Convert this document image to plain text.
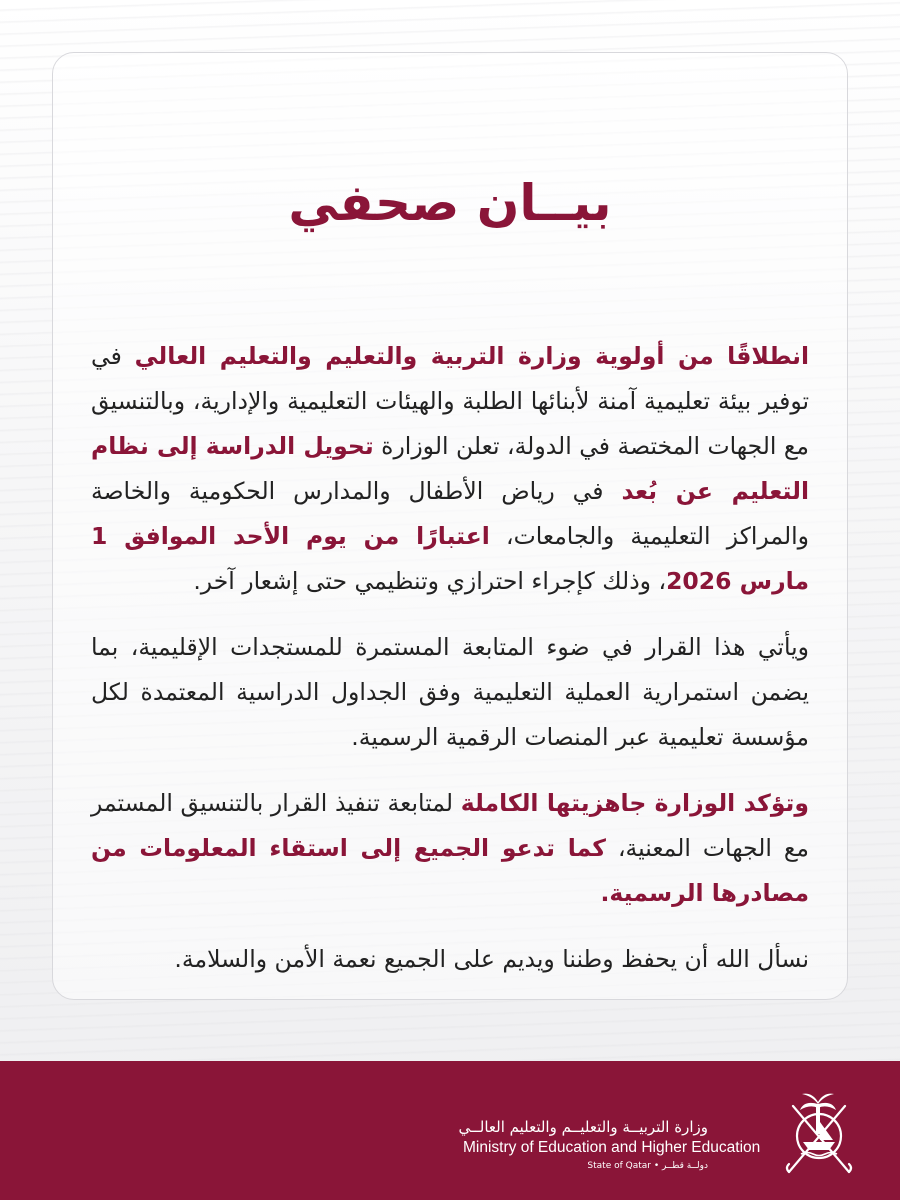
بيــان صحفي

انطلاقًا من أولوية وزارة التربية والتعليم والتعليم العالي في توفير بيئة تعليمية آمنة لأبنائها الطلبة والهيئات التعليمية والإدارية، وبالتنسيق مع الجهات المختصة في الدولة، تعلن الوزارة تحويل الدراسة إلى نظام التعليم عن بُعد في رياض الأطفال والمدارس الحكومية والخاصة والمراكز التعليمية والجامعات، اعتبارًا من يوم الأحد الموافق 1 مارس 2026، وذلك كإجراء احترازي وتنظيمي حتى إشعار آخر.

ويأتي هذا القرار في ضوء المتابعة المستمرة للمستجدات الإقليمية، بما يضمن استمرارية العملية التعليمية وفق الجداول الدراسية المعتمدة لكل مؤسسة تعليمية عبر المنصات الرقمية الرسمية.

وتؤكد الوزارة جاهزيتها الكاملة لمتابعة تنفيذ القرار بالتنسيق المستمر مع الجهات المعنية، كما تدعو الجميع إلى استقاء المعلومات من مصادرها الرسمية.

نسأل الله أن يحفظ وطننا ويديم على الجميع نعمة الأمن والسلامة.

وزارة التربيــة والتعليــم والتعليم العالــي
Ministry of Education and Higher Education
State of Qatar • دولــة قطــر
